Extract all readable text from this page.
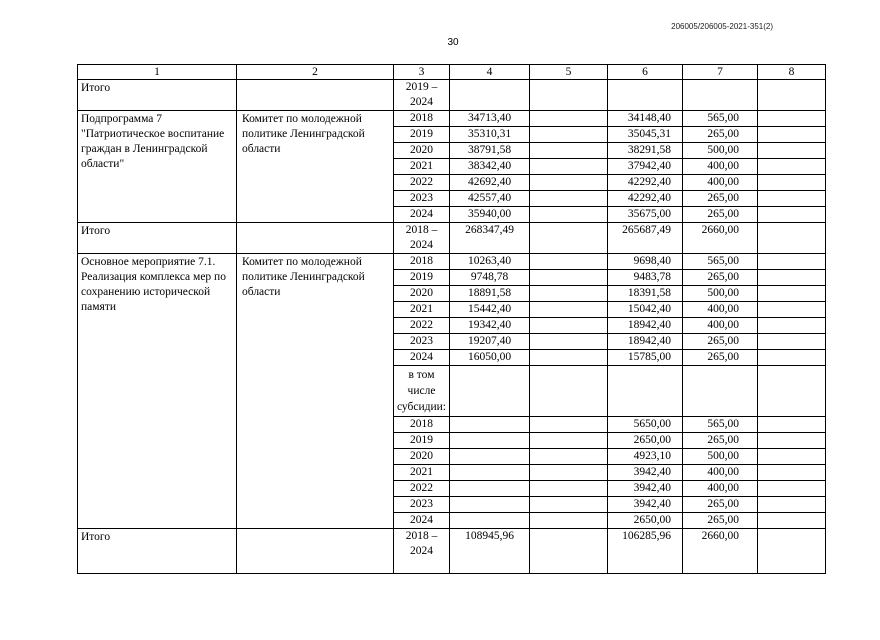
206005/206005-2021-351(2)
30
1	2	3	4	5	6	7	8
Итого		2019 – 2024					
Подпрограмма 7 "Патриотическое воспитание граждан в Ленинградской области"	Комитет по молодежной политике Ленинградской области	2018	34713,40		34148,40	565,00	
		2019	35310,31		35045,31	265,00	
		2020	38791,58		38291,58	500,00	
		2021	38342,40		37942,40	400,00	
		2022	42692,40		42292,40	400,00	
		2023	42557,40		42292,40	265,00	
		2024	35940,00		35675,00	265,00	
Итого		2018 – 2024	268347,49		265687,49	2660,00	
Основное мероприятие 7.1. Реализация комплекса мер по сохранению исторической памяти	Комитет по молодежной политике Ленинградской области	2018	10263,40		9698,40	565,00	
		2019	9748,78		9483,78	265,00	
		2020	18891,58		18391,58	500,00	
		2021	15442,40		15042,40	400,00	
		2022	19342,40		18942,40	400,00	
		2023	19207,40		18942,40	265,00	
		2024	16050,00		15785,00	265,00	
		в том числе субсидии:					
		2018			5650,00	565,00	
		2019			2650,00	265,00	
		2020			4923,10	500,00	
		2021			3942,40	400,00	
		2022			3942,40	400,00	
		2023			3942,40	265,00	
		2024			2650,00	265,00	
Итого		2018 – 2024	108945,96		106285,96	2660,00	
